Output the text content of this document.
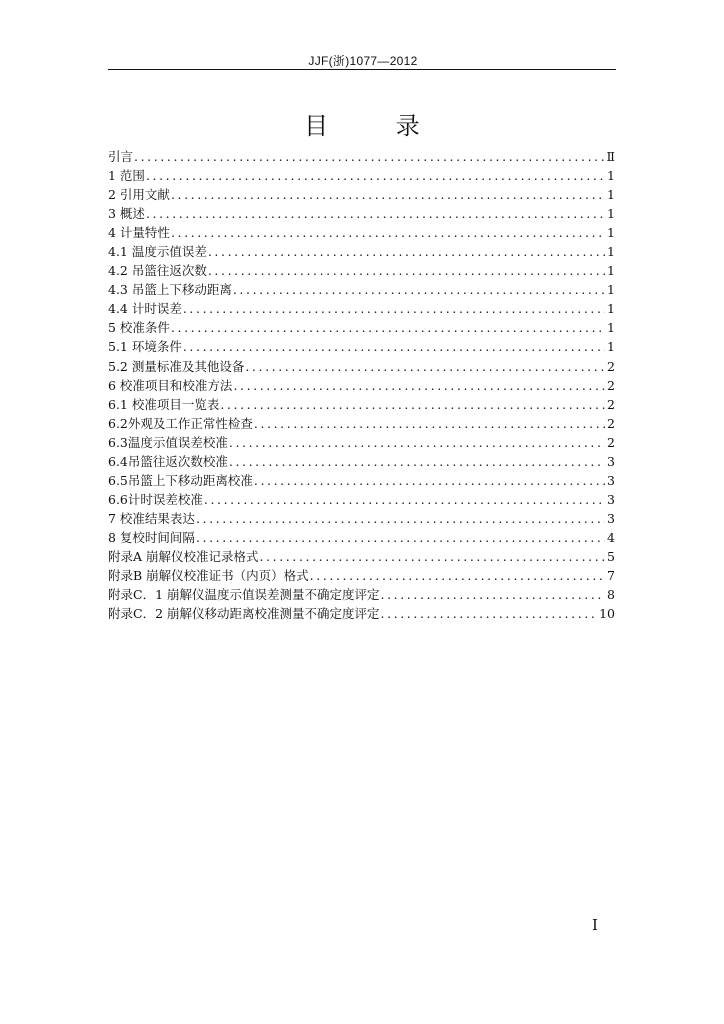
JJF(浙)1077—2012
目 录
引言 .....	Ⅱ
1 范围 .....	1
2 引用文献 .....	1
3 概述 .....	1
4 计量特性 .....	1
4.1 温度示值误差 .....	1
4.2 吊篮往返次数 .....	1
4.3 吊篮上下移动距离 .....	1
4.4 计时误差 .....	1
5 校准条件 .....	1
5.1 环境条件 .....	1
5.2 测量标准及其他设备 .....	2
6 校准项目和校准方法 .....	2
6.1 校准项目一览表 .....	2
6.2外观及工作正常性检查 .....	2
6.3温度示值误差校准 .....	2
6.4吊篮往返次数校准 .....	3
6.5吊篮上下移动距离校准 .....	3
6.6计时误差校准 .....	3
7 校准结果表达 .....	3
8 复校时间间隔 .....	4
附录A 崩解仪校准记录格式 .....	5
附录B 崩解仪校准证书（内页）格式 .....	7
附录C．1 崩解仪温度示值误差测量不确定度评定 .....	8
附录C．2 崩解仪移动距离校准测量不确定度评定 .....	10
I
